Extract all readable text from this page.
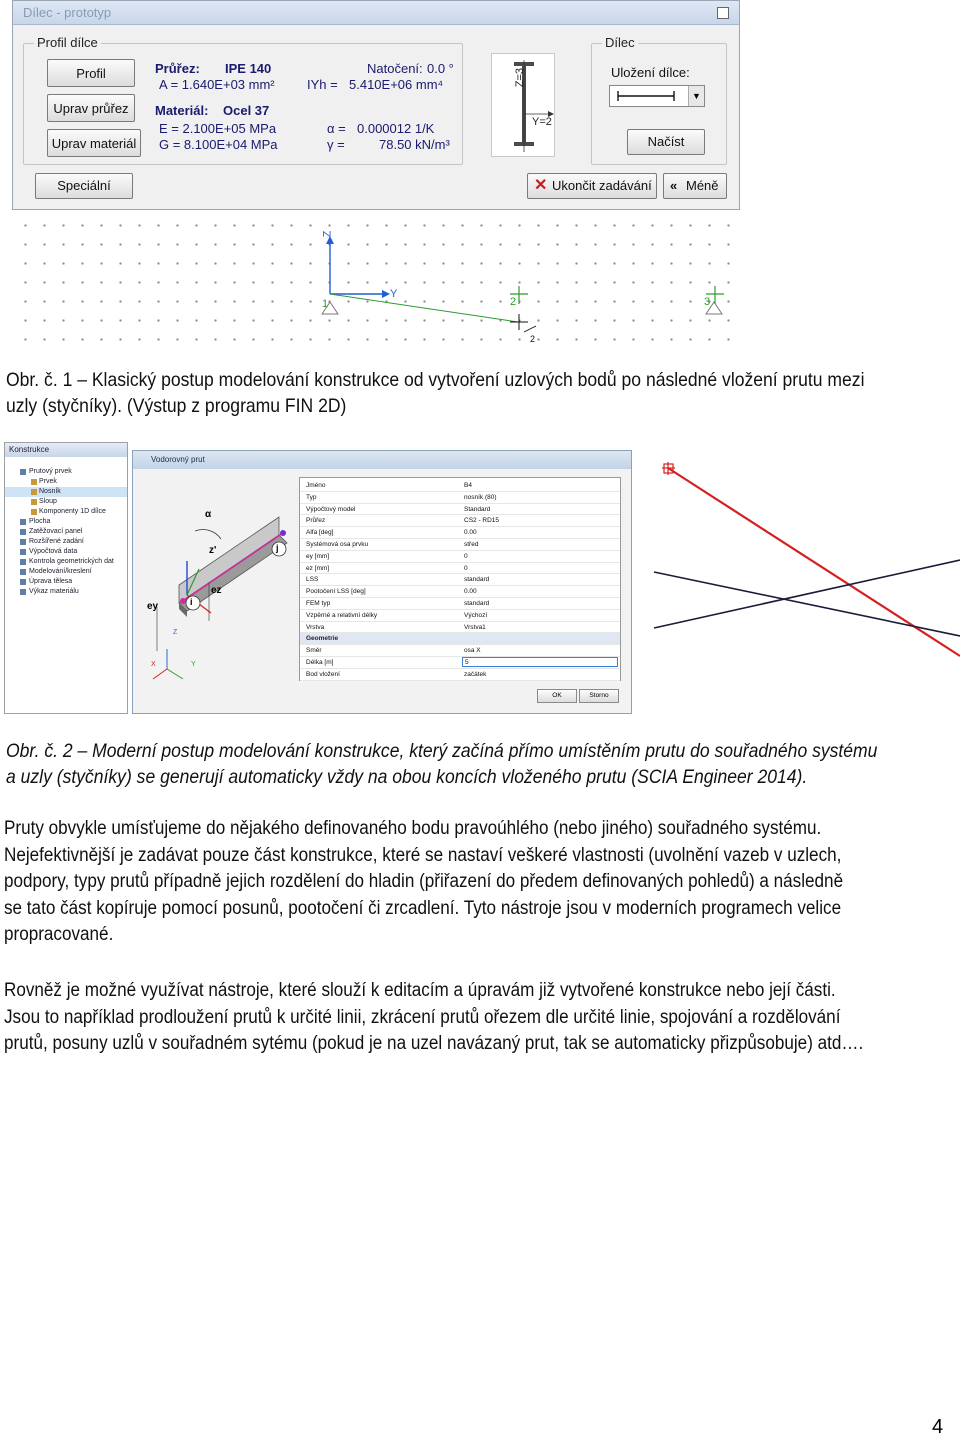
Dílec - prototyp
Profil dílce
Profil
Uprav průřez
Uprav materiál
Speciální
Průřez: IPE 140
A = 1.640E+03 mm² IYh = 5.410E+06 mm⁴
Natočení: 0.0 °
Materiál: Ocel 37
E = 2.100E+05 MPa
G = 8.100E+04 MPa
α = 0.000012 1/K
γ =	78.50 kN/m³
Z=3
Y=2
Dílec
Uložení dílce:
▼
Načíst
✕ Ukončit zadávání	« Méně
Z
Y
1	2	3
2
Obr. č. 1 – Klasický postup modelování konstrukce od vytvoření uzlových bodů po následné vložení prutu mezi
uzly (styčníky). (Výstup z programu FIN 2D)
Konstrukce
Prutový prvek
Prvek
Nosník
Sloup
Komponenty 1D dílce
Plocha
Zatěžovací panel
Rozšířené zadání
Výpočtová data
Kontrola geometrických dat
Modelování/kreslení
Úprava tělesa
Výkaz materiálu
Vodorovný prut
α
z'	j
i
ez
ey
Z
X	Y
Jméno	B4
Typ	nosník (80)
Výpočtový model	Standard
Průřez	CS2 - RD15
Alfa [deg]	0.00
Systémová osa prvku	střed
ey [mm]	0
ez [mm]	0
LSS	standard
Pootočení LSS [deg]	0.00
FEM typ	standard
Vzpěrné a relativní délky	Výchozí
Vrstva	Vrstva1
Geometrie
Směr	osa X
Délka [m]	5
Bod vložení	začátek
OK	Storno
Obr. č. 2 – Moderní postup modelování konstrukce, který začíná přímo umístěním prutu do souřadného systému
a uzly (styčníky) se generují automaticky vždy na obou koncích vloženého prutu (SCIA Engineer 2014).
Pruty obvykle umísťujeme do nějakého definovaného bodu pravoúhlého (nebo jiného) souřadného systému.
Nejefektivnější je zadávat pouze část konstrukce, které se nastaví veškeré vlastnosti (uvolnění vazeb v uzlech,
podpory, typy prutů případně jejich rozdělení do hladin (přiřazení do předem definovaných pohledů) a následně
se tato část kopíruje pomocí posunů, pootočení či zrcadlení. Tyto nástroje jsou v moderních programech velice
propracované.
Rovněž je možné využívat nástroje, které slouží k editacím a úpravám již vytvořené konstrukce nebo její části.
Jsou to například prodloužení prutů k určité linii, zkrácení prutů ořezem dle určité linie, spojování a rozdělování
prutů, posuny uzlů v souřadném sytému (pokud je na uzel navázaný prut, tak se automaticky přizpůsobuje) atd….
4
